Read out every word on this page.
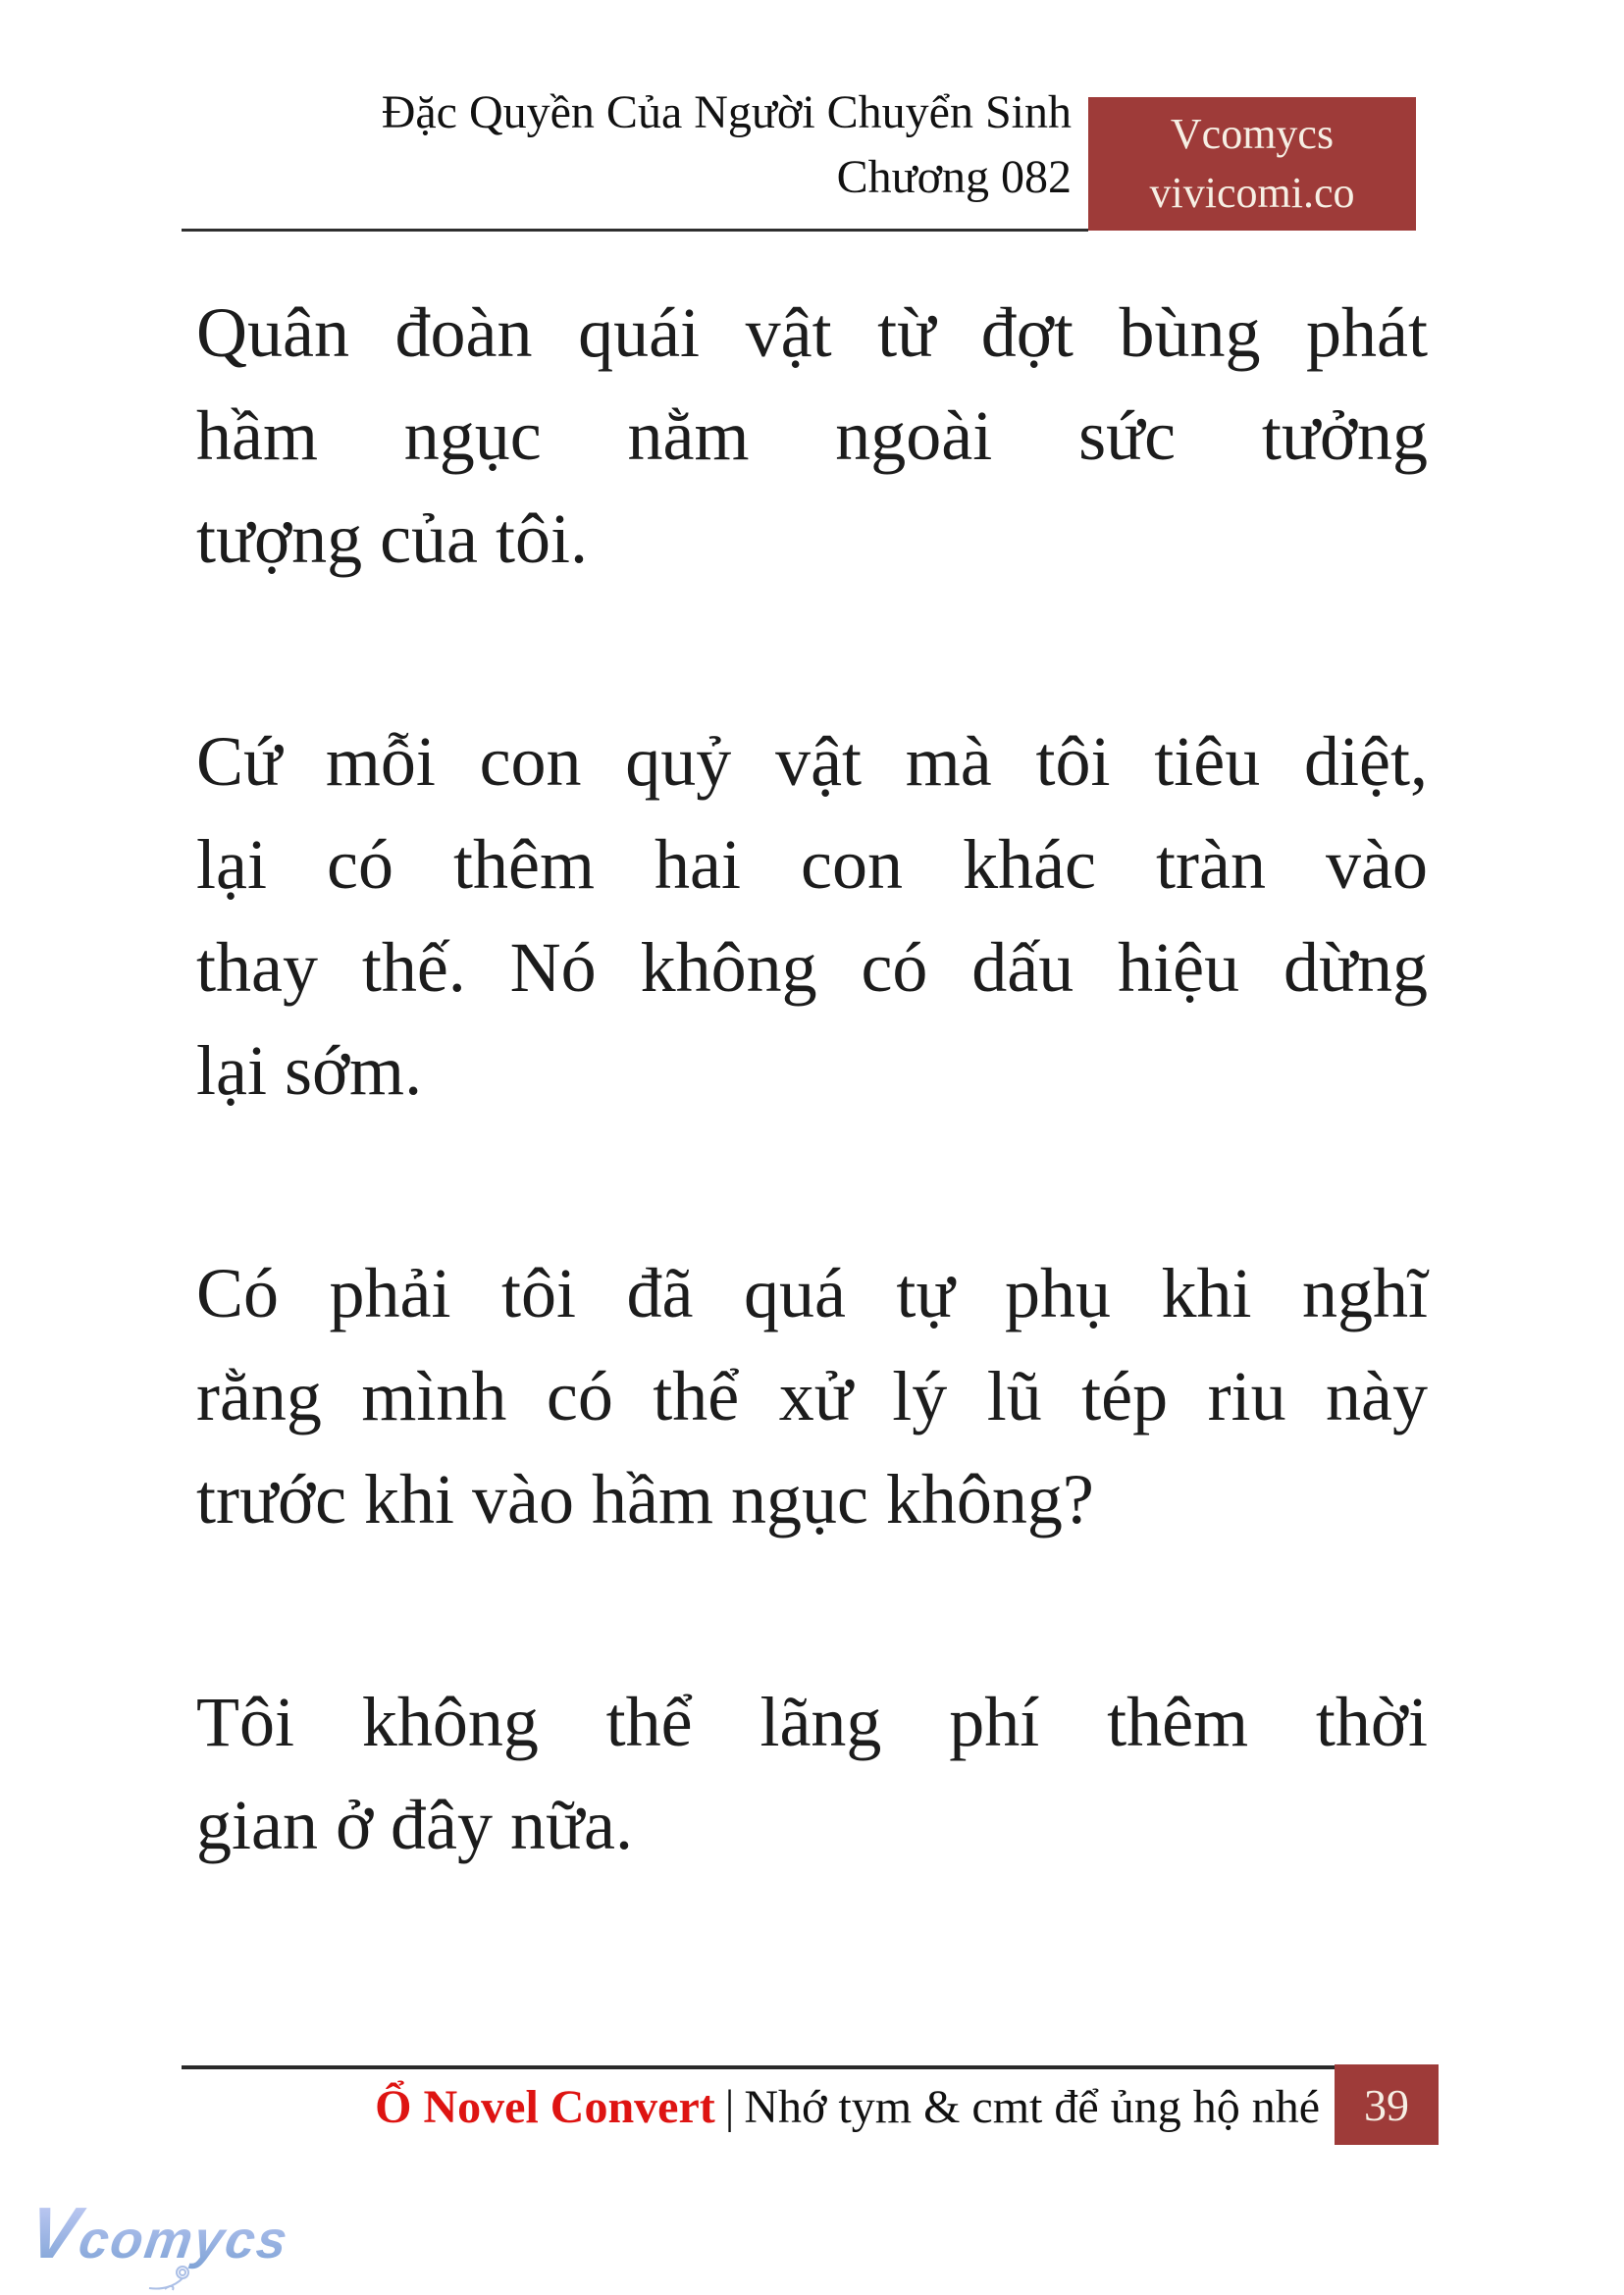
Đặc Quyền Của Người Chuyển Sinh
Chương 082
Vcomycs
vivicomi.co
Quân đoàn quái vật từ đợt bùng phát
hầm ngục nằm ngoài sức tưởng
tượng của tôi.
Cứ mỗi con quỷ vật mà tôi tiêu diệt,
lại có thêm hai con khác tràn vào
thay thế. Nó không có dấu hiệu dừng
lại sớm.
Có phải tôi đã quá tự phụ khi nghĩ
rằng mình có thể xử lý lũ tép riu này
trước khi vào hầm ngục không?
Tôi không thể lãng phí thêm thời
gian ở đây nữa.
Ổ Novel Convert | Nhớ tym & cmt để ủng hộ nhé 39
Vcomycs
